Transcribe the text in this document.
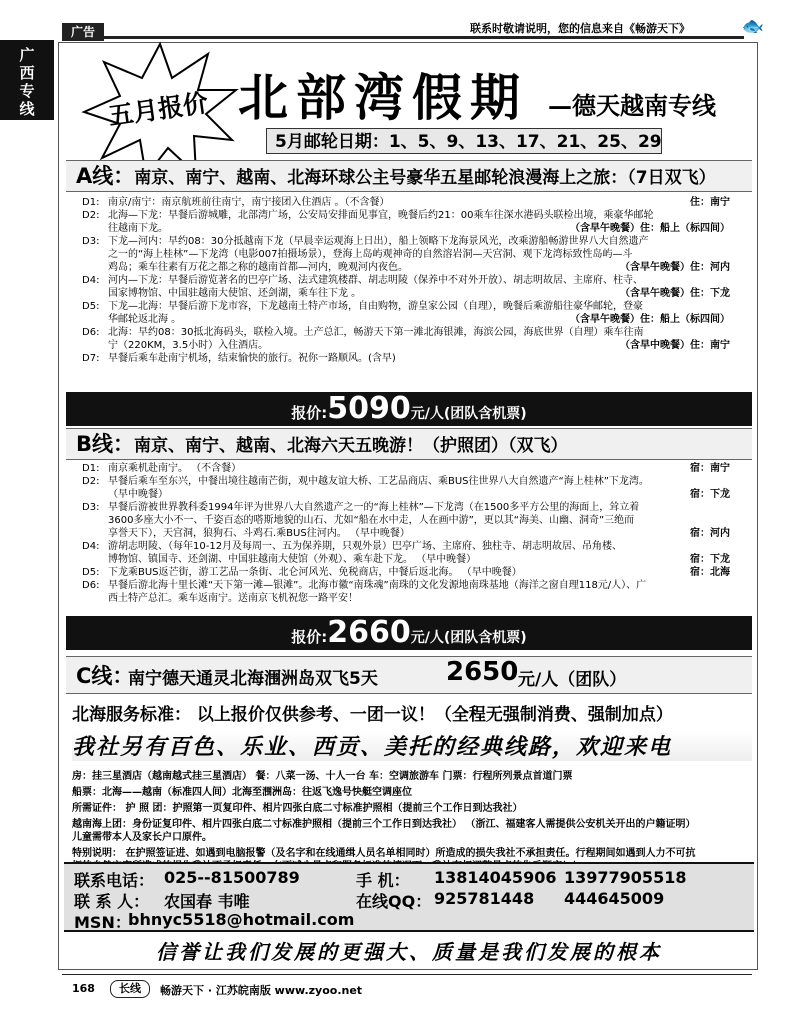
广告	联系时敬请说明，您的信息来自《畅游天下》	🐟
广
西
专
线	五月报价 北部湾假期 —德天越南专线
5月邮轮日期：1、5、9、13、17、21、25、29
A线：南京、南宁、越南、北海环球公主号豪华五星邮轮浪漫海上之旅：（7日双飞）
D1: 南京/南宁：南京航班前往南宁，南宁接团入住酒店 。（不含餐）	住：南宁
D2: 北海—下龙：早餐后游城雕，北部湾广场，公安局安排面见事宜，晚餐后约21：00乘车往深水港码头联检出境，乘豪华邮轮
往越南下龙。	（含早午晚餐）住：船上（标四间）
D3: 下龙—河内：早约08：30分抵越南下龙（早晨幸运观海上日出），船上领略下龙海景风光，改乘游船畅游世界八大自然遗产
之一的“海上桂林”—下龙湾（电影007拍摄场景），登海上岛屿观神奇的自然溶岩洞—天宫洞、观下龙湾标致性岛屿—斗
鸡岛；乘车往素有万花之都之称的越南首都—河内，晚观河内夜色。	（含早午晚餐）住：河内
D4: 河内—下龙：早餐后游览著名的巴亭广场、法式建筑楼群、胡志明陵（保养中不对外开放）、胡志明故居、主席府、柱寺、
国家博物馆、中国驻越南大使馆、还剑湖，乘车往下龙 。	（含早午晚餐）住：下龙
D5: 下龙—北海：早餐后游下龙市容，下龙越南土特产市场，自由购物，游皇家公园（自理），晚餐后乘游船往豪华邮轮，登豪
华邮轮返北海 。	（含早午晚餐）住：船上（标四间）
D6: 北海：早约08：30抵北海码头，联检入境。土产总汇，畅游天下第一滩北海银滩，海滨公园，海底世界（自理）乘车往南
宁（220KM，3.5小时）入住酒店。	（含早中晚餐）住：南宁
D7: 早餐后乘车赴南宁机场，结束愉快的旅行。祝你一路顺风。(含早)
报价:5090元/人(团队含机票)
B线：南京、南宁、越南、北海六天五晚游！（护照团）（双飞）
D1: 南京乘机赴南宁。 （不含餐）	宿：南宁
D2: 早餐后乘车至东兴，中餐出境往越南芒街，观中越友谊大桥、工艺品商店、乘BUS往世界八大自然遗产“海上桂林”下龙湾。
（早中晚餐）	宿：下龙
D3: 早餐后游被世界教科委1994年评为世界八大自然遗产之一的“海上桂林”—下龙湾（在1500多平方公里的海面上，耸立着
3600多座大小不一、千姿百态的嗒斯地貌的山石、尤如“船在水中走，人在画中游”，更以其“海美、山幽、洞奇”三绝而
享誉天下），天宫洞，狼狗石、斗鸡石.乘BUS往河内。 （早中晚餐）	宿：河内
D4: 游胡志明陵、（每年10-12月及每周一、五为保养期，只观外景）巴亭广场、主席府、独柱寺、胡志明故居、吊角楼、
博物馆、镇国寺、还剑湖、中国驻越南大使馆（外观）、乘车赴下龙。 （早中晚餐）	宿：下龙
D5: 下龙乘BUS返芒街，游工艺品一条街、北仑河风光、免税商店，中餐后返北海。 （早中晚餐）	宿：北海
D6: 早餐后游北海十里长滩“天下第一滩—银滩”。北海市徽“南珠魂”南珠的文化发源地南珠基地（海洋之窗自理118元/人）、广
西土特产总汇。乘车返南宁。送南京飞机祝您一路平安！
报价:2660元/人(团队含机票)
C线：
南宁德天通灵北海涠洲岛双飞5天	2650 元/人（团队）
北海服务标准： 以上报价仅供参考、一团一议！（全程无强制消费、强制加点）
我社另有百色、乐业、西贡、美托的经典线路，欢迎来电
房：挂三星酒店（越南越式挂三星酒店） 餐：八菜一汤、十人一台 车：空调旅游车 门票：行程所列景点首道门票
船票：北海——越南（标准四人间）北海至涠洲岛：往返飞逸号快艇空调座位
所需证件： 护 照 团：护照第一页复印件、相片四张白底二寸标准护照相（提前三个工作日到达我社）
越南海上团：身份证复印件、相片四张白底二寸标准护照相（提前三个工作日到达我社） （浙江、福建客人需提供公安机关开出的户籍证明）
儿童需带本人及家长户口原件。
特别说明： 在护照签证进、如遇到电脑报警（及名字和在线通缉人员名单相同时）所造成的损失我社不承担责任。行程期间如遇到人力不可抗
联系电话： 025--81500789
联 系 人： 农国春 韦唯
MSN：
bhnyc5518@hotmail.com
手 机： 13814045906 13977905518
在线QQ： 925781448 444645009
信誉让我们发展的更强大、质量是我们发展的根本
168	长线	畅游天下 · 江苏皖南版 www.zyoo.net
